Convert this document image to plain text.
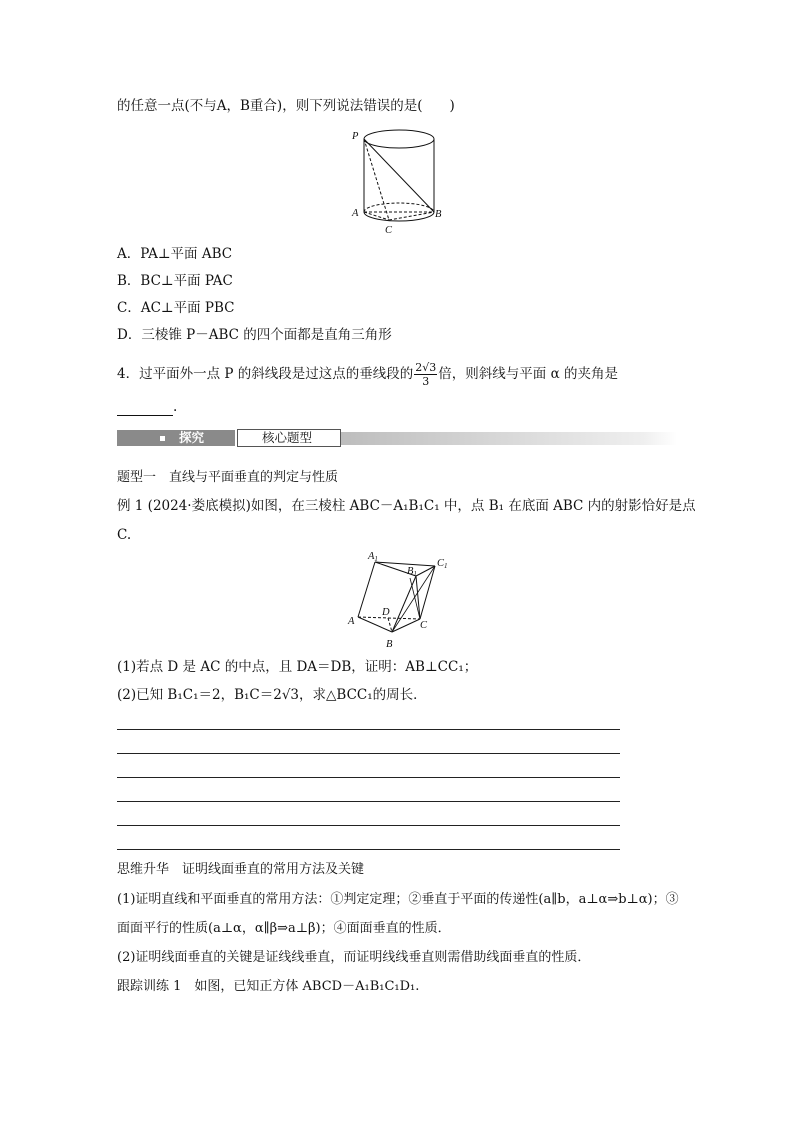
的任意一点(不与A，B重合)，则下列说法错误的是(　　)
P
A	B
C
A．PA⊥平面 ABC
B．BC⊥平面 PAC
C．AC⊥平面 PBC
D．三棱锥 P－ABC 的四个面都是直角三角形
4．过平面外一点 P 的斜线段是过这点的垂线段的 $\frac{2√3}{3}$ 倍，则斜线与平面 α 的夹角是
.
探究	核心题型
题型一　直线与平面垂直的判定与性质
例 1 (2024·娄底模拟)如图，在三棱柱 ABC－A₁B₁C₁ 中，点 B₁ 在底面 ABC 内的射影恰好是点
C.
A1
B1
C1
A
B
C
D
(1)若点 D 是 AC 的中点，且 DA＝DB，证明：AB⊥CC₁；
(2)已知 B₁C₁＝2，B₁C＝2√3，求△BCC₁的周长．
思维升华　证明线面垂直的常用方法及关键
(1)证明直线和平面垂直的常用方法：①判定定理；②垂直于平面的传递性(a∥b，a⊥α⇒b⊥α)；③
面面平行的性质(a⊥α，α∥β⇒a⊥β)；④面面垂直的性质．
(2)证明线面垂直的关键是证线线垂直，而证明线线垂直则需借助线面垂直的性质．
跟踪训练 1　如图，已知正方体 ABCD－A₁B₁C₁D₁.
